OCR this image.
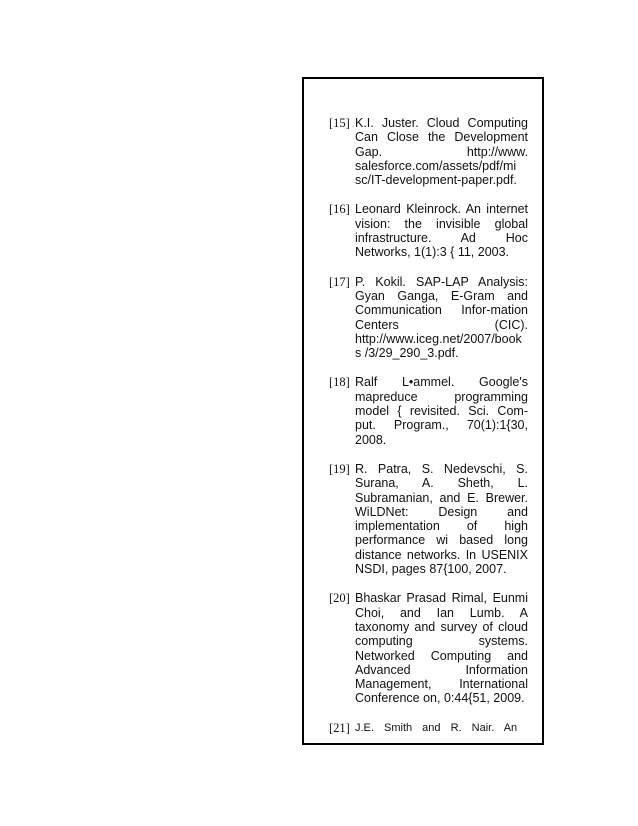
[15] K.I. Juster. Cloud Computing Can Close the Development Gap. http://www. salesforce.com/assets/pdf/mi sc/IT-development-paper.pdf.
[16] Leonard Kleinrock. An internet vision: the invisible global infrastructure. Ad Hoc Networks, 1(1):3 { 11, 2003.
[17] P. Kokil. SAP-LAP Analysis: Gyan Ganga, E-Gram and Communication Infor-mation Centers (CIC). http://www.iceg.net/2007/books /3/29_290_3.pdf.
[18] Ralf L•ammel. Google's mapreduce programming model { revisited. Sci. Com-put. Program., 70(1):1{30, 2008.
[19] R. Patra, S. Nedevschi, S. Surana, A. Sheth, L. Subramanian, and E. Brewer. WiLDNet: Design and implementation of high performance wi based long distance networks. In USENIX NSDI, pages 87{100, 2007.
[20] Bhaskar Prasad Rimal, Eunmi Choi, and Ian Lumb. A taxonomy and survey of cloud computing systems. Networked Computing and Advanced Information Management, International Conference on, 0:44{51, 2009.
[21] J.E. Smith and R. Nair. An
